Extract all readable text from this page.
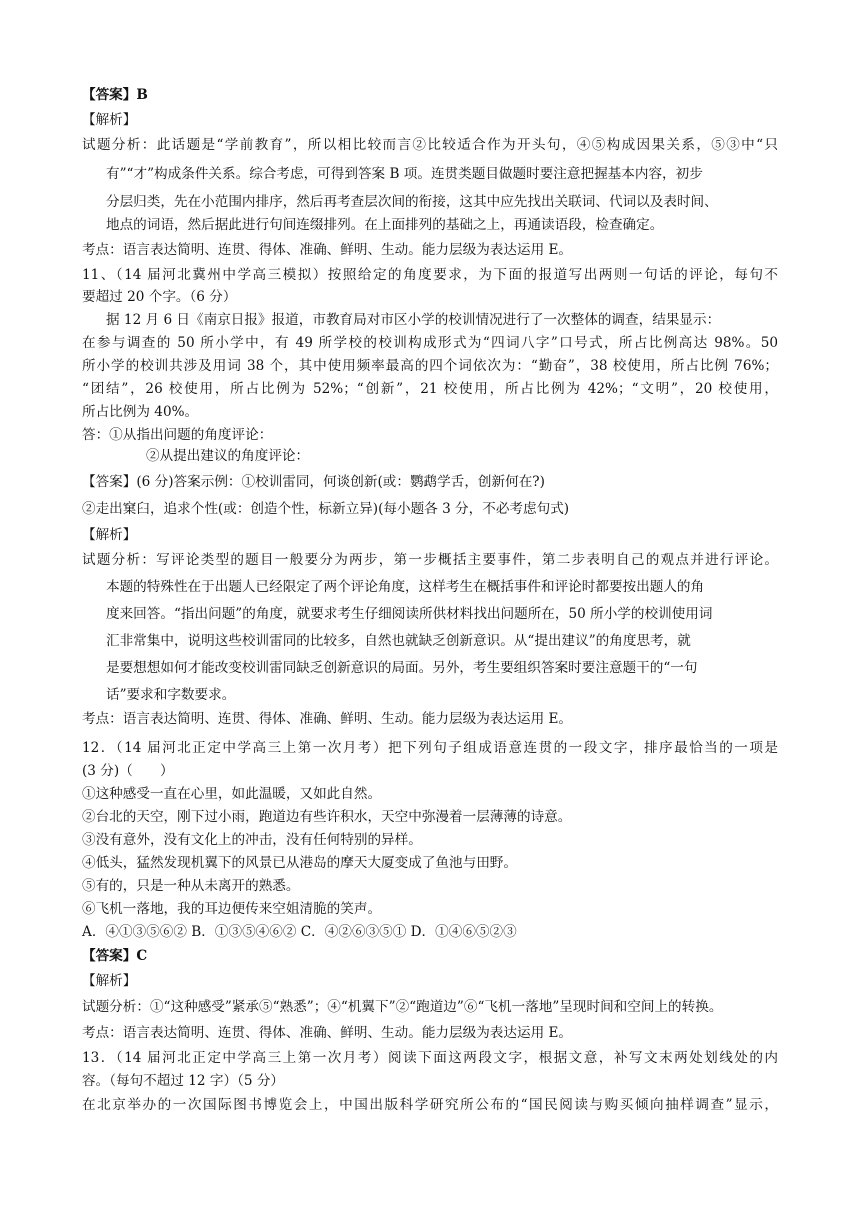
【答案】B
【解析】
试题分析：此话题是“学前教育”，所以相比较而言②比较适合作为开头句，④⑤构成因果关系，⑤③中“只
有”“才”构成条件关系。综合考虑，可得到答案 B 项。连贯类题目做题时要注意把握基本内容，初步
分层归类，先在小范围内排序，然后再考查层次间的衔接，这其中应先找出关联词、代词以及表时间、
地点的词语，然后据此进行句间连缀排列。在上面排列的基础之上，再通读语段，检查确定。
考点：语言表达简明、连贯、得体、准确、鲜明、生动。能力层级为表达运用 E。
11、（14 届河北冀州中学高三模拟）按照给定的角度要求，为下面的报道写出两则一句话的评论，每句不
要超过 20 个字。（6 分）
据 12 月 6 日《南京日报》报道，市教育局对市区小学的校训情况进行了一次整体的调查，结果显示：
在参与调查的 50 所小学中，有 49 所学校的校训构成形式为“四词八字”口号式，所占比例高达 98%。50
所小学的校训共涉及用词 38 个，其中使用频率最高的四个词依次为：“勤奋”，38 校使用，所占比例 76%；
“团结”，26 校使用，所占比例为 52%；“创新”，21 校使用，所占比例为 42%；“文明”，20 校使用，
所占比例为 40%。
答：①从指出问题的角度评论：
②从提出建议的角度评论：
【答案】(6 分)答案示例：①校训雷同，何谈创新(或：鹦鹉学舌，创新何在?)
②走出窠臼，追求个性(或：创造个性，标新立异)(每小题各 3 分，不必考虑句式)
【解析】
试题分析：写评论类型的题目一般要分为两步，第一步概括主要事件，第二步表明自己的观点并进行评论。
本题的特殊性在于出题人已经限定了两个评论角度，这样考生在概括事件和评论时都要按出题人的角
度来回答。“指出问题”的角度，就要求考生仔细阅读所供材料找出问题所在，50 所小学的校训使用词
汇非常集中，说明这些校训雷同的比较多，自然也就缺乏创新意识。从“提出建议”的角度思考，就
是要想想如何才能改变校训雷同缺乏创新意识的局面。另外，考生要组织答案时要注意题干的“一句
话”要求和字数要求。
考点：语言表达简明、连贯、得体、准确、鲜明、生动。能力层级为表达运用 E。
12．（14 届河北正定中学高三上第一次月考）把下列句子组成语意连贯的一段文字，排序最恰当的一项是
(3 分)（　　）
①这种感受一直在心里，如此温暖，又如此自然。
②台北的天空，刚下过小雨，跑道边有些许积水，天空中弥漫着一层薄薄的诗意。
③没有意外，没有文化上的冲击，没有任何特别的异样。
④低头，猛然发现机翼下的风景已从港岛的摩天大厦变成了鱼池与田野。
⑤有的，只是一种从未离开的熟悉。
⑥飞机一落地，我的耳边便传来空姐清脆的笑声。
A．④①③⑤⑥② B．①③⑤④⑥② C．④②⑥③⑤① D．①④⑥⑤②③
【答案】C
【解析】
试题分析：①“这种感受”紧承⑤“熟悉”；④“机翼下”②“跑道边”⑥“飞机一落地”呈现时间和空间上的转换。
考点：语言表达简明、连贯、得体、准确、鲜明、生动。能力层级为表达运用 E。
13．（14 届河北正定中学高三上第一次月考）阅读下面这两段文字，根据文意，补写文末两处划线处的内
容。（每句不超过 12 字）（5 分）
在北京举办的一次国际图书博览会上，中国出版科学研究所公布的“国民阅读与购买倾向抽样调查”显示，
